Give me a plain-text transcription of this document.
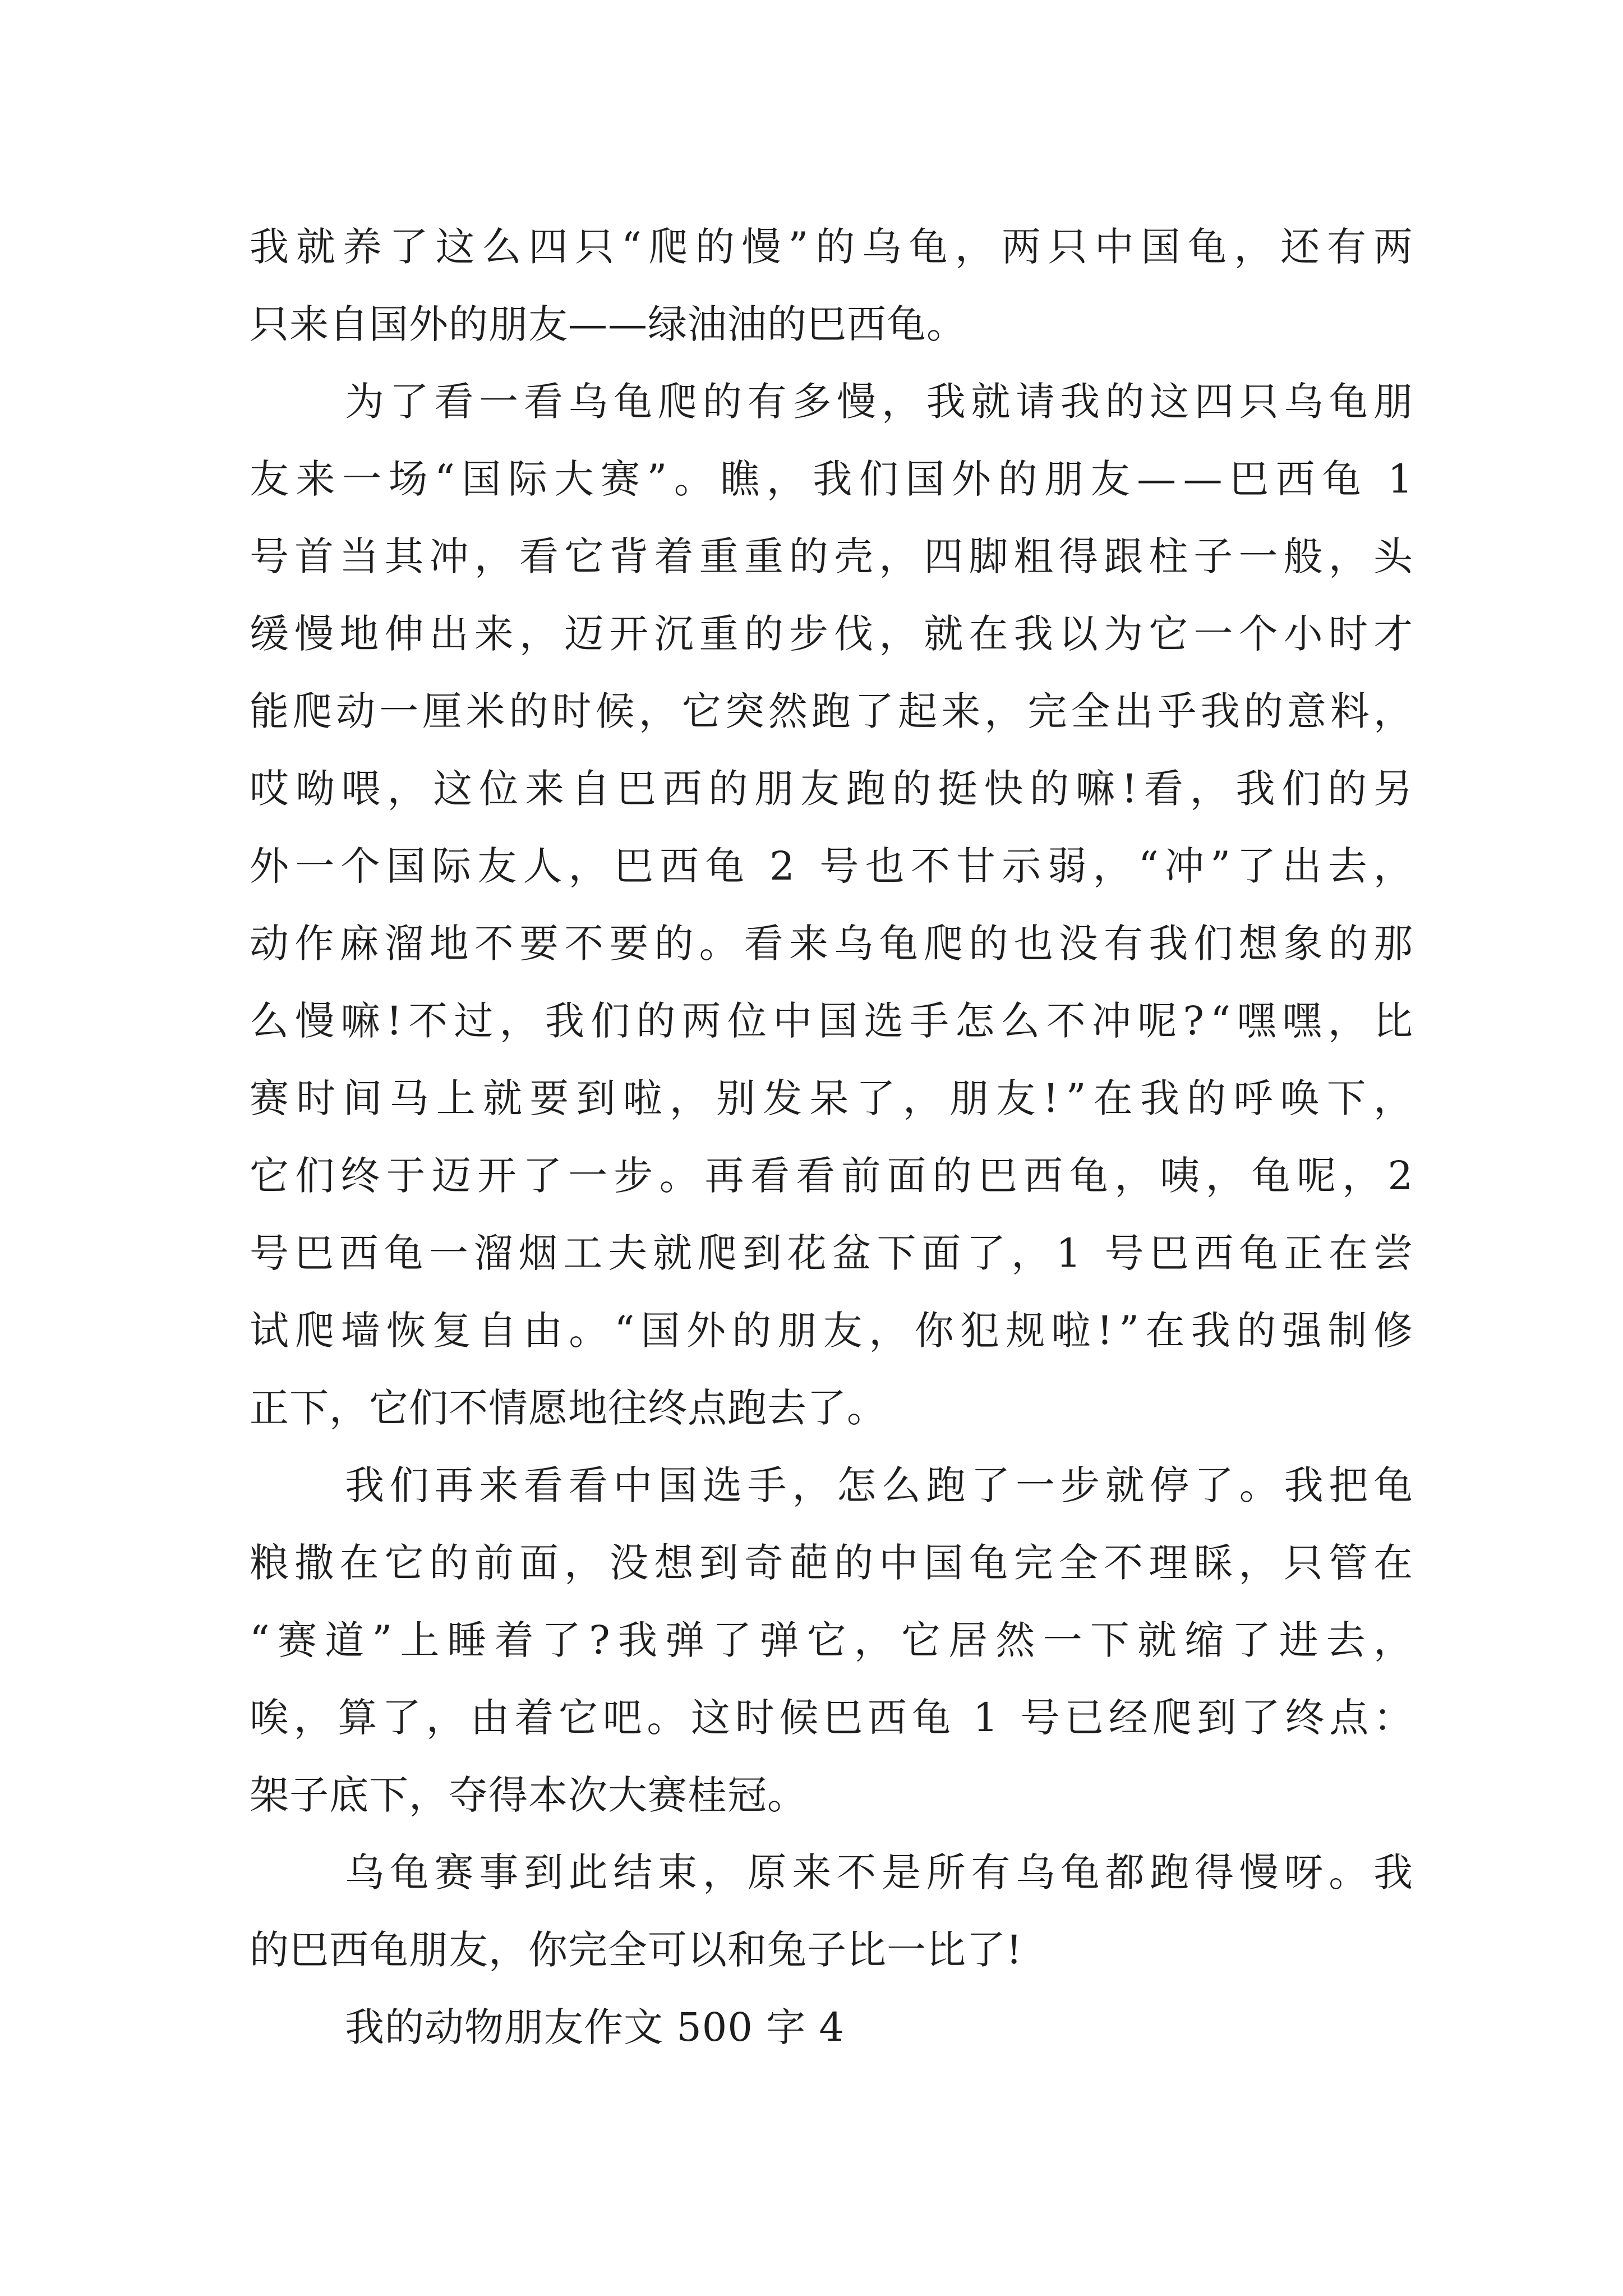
我就养了这么四只“爬的慢”的乌龟，两只中国龟，还有两
只来自国外的朋友——绿油油的巴西龟。
为了看一看乌龟爬的有多慢，我就请我的这四只乌龟朋
友来一场“国际大赛”。瞧，我们国外的朋友——巴西龟 1
号首当其冲，看它背着重重的壳，四脚粗得跟柱子一般，头
缓慢地伸出来，迈开沉重的步伐，就在我以为它一个小时才
能爬动一厘米的时候，它突然跑了起来，完全出乎我的意料，
哎呦喂，这位来自巴西的朋友跑的挺快的嘛!看，我们的另
外一个国际友人，巴西龟 2 号也不甘示弱，“冲”了出去，
动作麻溜地不要不要的。看来乌龟爬的也没有我们想象的那
么慢嘛!不过，我们的两位中国选手怎么不冲呢?“嘿嘿，比
赛时间马上就要到啦，别发呆了，朋友!”在我的呼唤下，
它们终于迈开了一步。再看看前面的巴西龟，咦，龟呢，2
号巴西龟一溜烟工夫就爬到花盆下面了，1 号巴西龟正在尝
试爬墙恢复自由。“国外的朋友，你犯规啦!”在我的强制修
正下，它们不情愿地往终点跑去了。
我们再来看看中国选手，怎么跑了一步就停了。我把龟
粮撒在它的前面，没想到奇葩的中国龟完全不理睬，只管在
“赛道”上睡着了?我弹了弹它，它居然一下就缩了进去，
唉，算了，由着它吧。这时候巴西龟 1 号已经爬到了终点：
架子底下，夺得本次大赛桂冠。
乌龟赛事到此结束，原来不是所有乌龟都跑得慢呀。我
的巴西龟朋友，你完全可以和兔子比一比了!
我的动物朋友作文 500 字 4
